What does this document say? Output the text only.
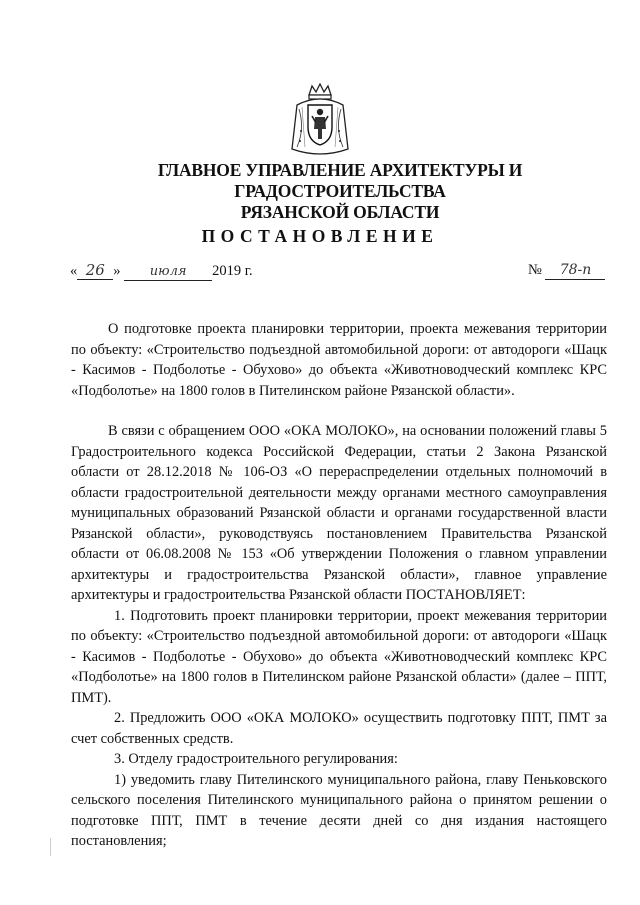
ГЛАВНОЕ УПРАВЛЕНИЕ АРХИТЕКТУРЫ И ГРАДОСТРОИТЕЛЬСТВА
РЯЗАНСКОЙ ОБЛАСТИ
ПОСТАНОВЛЕНИЕ
« 26 » июля 2019 г.	№ 78-п

О подготовке проекта планировки территории, проекта межевания территории по объекту: «Строительство подъездной автомобильной дороги: от автодороги «Шацк - Касимов - Подболотье - Обухово» до объекта «Животноводческий комплекс КРС «Подболотье» на 1800 голов в Пителинском районе Рязанской области».

В связи с обращением ООО «ОКА МОЛОКО», на основании положений главы 5 Градостроительного кодекса Российской Федерации, статьи 2 Закона Рязанской области от 28.12.2018 № 106-ОЗ «О перераспределении отдельных полномочий в области градостроительной деятельности между органами местного самоуправления муниципальных образований Рязанской области и органами государственной власти Рязанской области», руководствуясь постановлением Правительства Рязанской области от 06.08.2008 № 153 «Об утверждении Положения о главном управлении архитектуры и градостроительства Рязанской области», главное управление архитектуры и градостроительства Рязанской области ПОСТАНОВЛЯЕТ:

1. Подготовить проект планировки территории, проект межевания территории по объекту: «Строительство подъездной автомобильной дороги: от автодороги «Шацк - Касимов - Подболотье - Обухово» до объекта «Животноводческий комплекс КРС «Подболотье» на 1800 голов в Пителинском районе Рязанской области» (далее – ППТ, ПМТ).

2. Предложить ООО «ОКА МОЛОКО» осуществить подготовку ППТ, ПМТ за счет собственных средств.

3. Отделу градостроительного регулирования:

1) уведомить главу Пителинского муниципального района, главу Пеньковского сельского поселения Пителинского муниципального района о принятом решении о подготовке ППТ, ПМТ в течение десяти дней со дня издания настоящего постановления;
